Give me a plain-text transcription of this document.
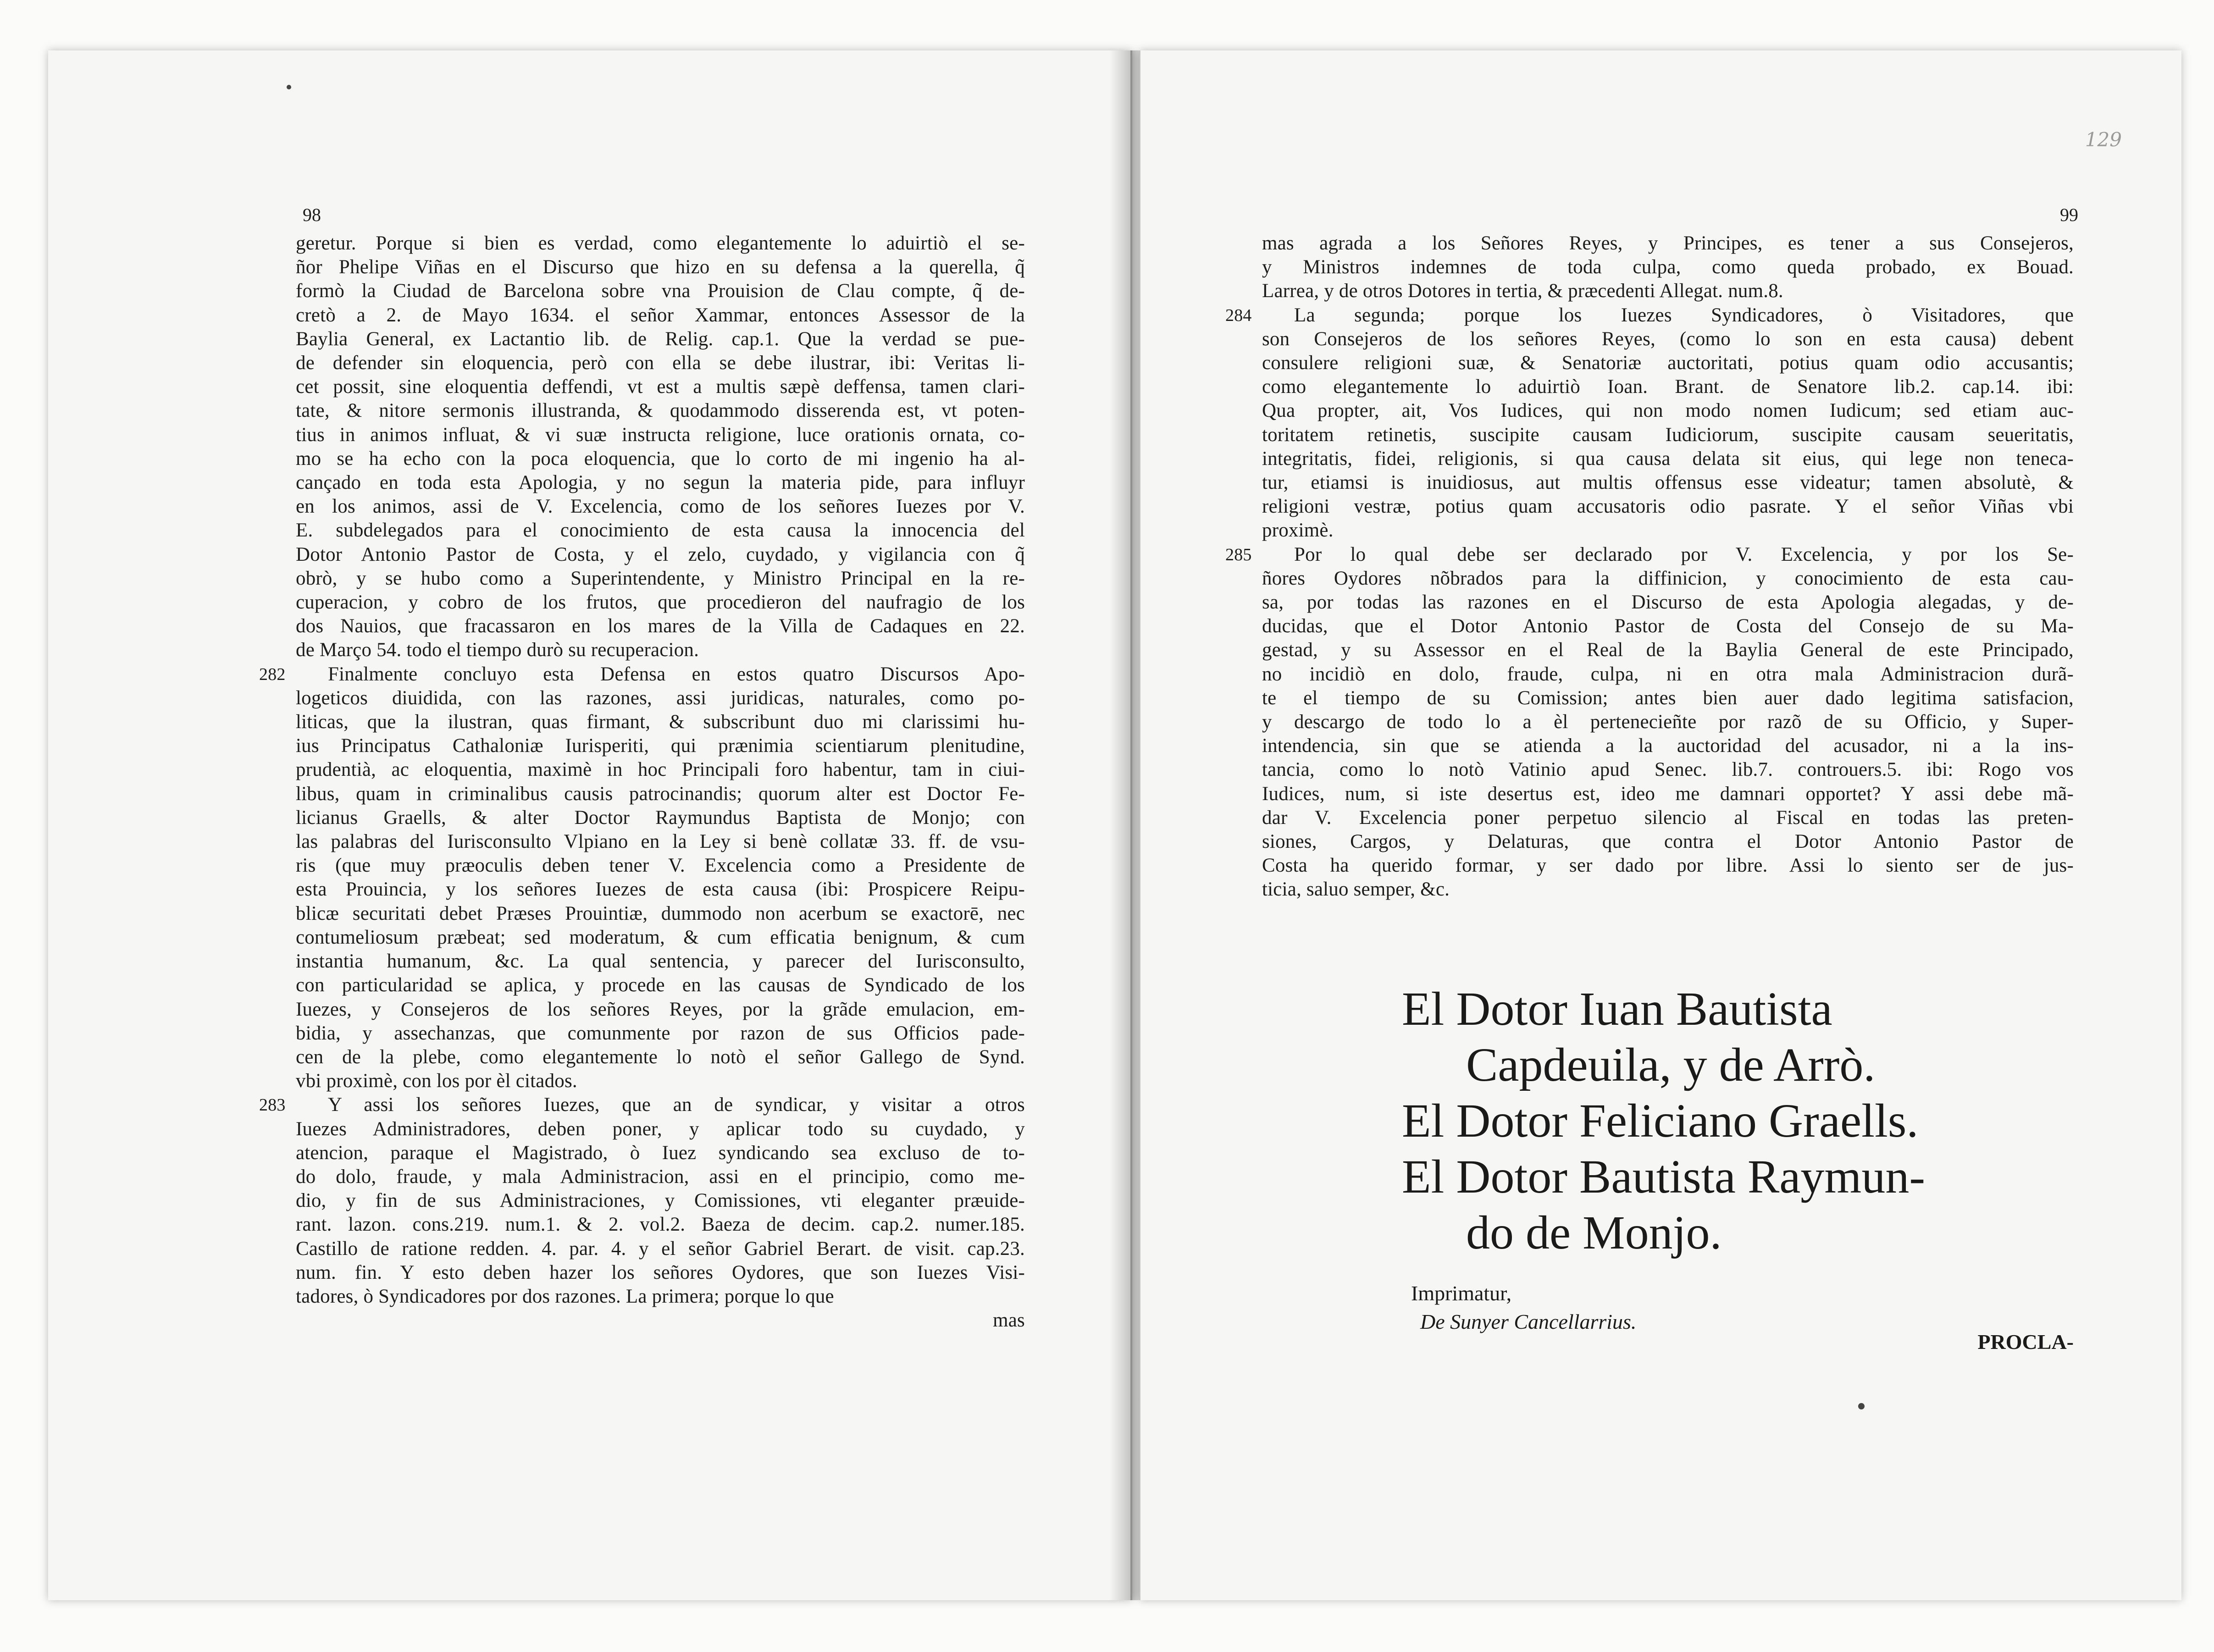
98
geretur. Porque si bien es verdad, como elegantemente lo aduirtiò el se-
ñor Phelipe Viñas en el Discurso que hizo en su defensa a la querella, q̃
formò la Ciudad de Barcelona sobre vna Prouision de Clau compte, q̃ de-
cretò a 2. de Mayo 1634. el señor Xammar, entonces Assessor de la
Baylia General, ex Lactantio lib. de Relig. cap.1. Que la verdad se pue-
de defender sin eloquencia, però con ella se debe ilustrar, ibi: Veritas li-
cet possit, sine eloquentia deffendi, vt est a multis sæpè deffensa, tamen clari-
tate, & nitore sermonis illustranda, & quodammodo disserenda est, vt poten-
tius in animos influat, & vi suæ instructa religione, luce orationis ornata, co-
mo se ha echo con la poca eloquencia, que lo corto de mi ingenio ha al-
cançado en toda esta Apologia, y no segun la materia pide, para influyr
en los animos, assi de V. Excelencia, como de los señores Iuezes por V.
E. subdelegados para el conocimiento de esta causa la innocencia del
Dotor Antonio Pastor de Costa, y el zelo, cuydado, y vigilancia con q̃
obrò, y se hubo como a Superintendente, y Ministro Principal en la re-
cuperacion, y cobro de los frutos, que procedieron del naufragio de los
dos Nauios, que fracassaron en los mares de la Villa de Cadaques en 22.
de Março 54. todo el tiempo durò su recuperacion.
282	Finalmente concluyo esta Defensa en estos quatro Discursos Apo-
logeticos diuidida, con las razones, assi juridicas, naturales, como po-
liticas, que la ilustran, quas firmant, & subscribunt duo mi clarissimi hu-
ius Principatus Cathaloniæ Iurisperiti, qui prænimia scientiarum plenitudine,
prudentià, ac eloquentia, maximè in hoc Principali foro habentur, tam in ciui-
libus, quam in criminalibus causis patrocinandis; quorum alter est Doctor Fe-
licianus Graells, & alter Doctor Raymundus Baptista de Monjo; con
las palabras del Iurisconsulto Vlpiano en la Ley si benè collatæ 33. ff. de vsu-
ris (que muy præoculis deben tener V. Excelencia como a Presidente de
esta Prouincia, y los señores Iuezes de esta causa (ibi: Prospicere Reipu-
blicæ securitati debet Præses Prouintiæ, dummodo non acerbum se exactorē, nec
contumeliosum præbeat; sed moderatum, & cum efficatia benignum, & cum
instantia humanum, &c. La qual sentencia, y parecer del Iurisconsulto,
con particularidad se aplica, y procede en las causas de Syndicado de los
Iuezes, y Consejeros de los señores Reyes, por la grãde emulacion, em-
bidia, y assechanzas, que comunmente por razon de sus Officios pade-
cen de la plebe, como elegantemente lo notò el señor Gallego de Synd.
vbi proximè, con los por èl citados.
283	Y assi los señores Iuezes, que an de syndicar, y visitar a otros
Iuezes Administradores, deben poner, y aplicar todo su cuydado, y
atencion, paraque el Magistrado, ò Iuez syndicando sea excluso de to-
do dolo, fraude, y mala Administracion, assi en el principio, como me-
dio, y fin de sus Administraciones, y Comissiones, vti eleganter præuide-
rant. lazon. cons.219. num.1. & 2. vol.2. Baeza de decim. cap.2. numer.185.
Castillo de ratione redden. 4. par. 4. y el señor Gabriel Berart. de visit. cap.23.
num. fin. Y esto deben hazer los señores Oydores, que son Iuezes Visi-
tadores, ò Syndicadores por dos razones. La primera; porque lo que
mas
129
99
mas agrada a los Señores Reyes, y Principes, es tener a sus Consejeros,
y Ministros indemnes de toda culpa, como queda probado, ex Bouad.
Larrea, y de otros Dotores in tertia, & præcedenti Allegat. num.8.
284	La segunda; porque los Iuezes Syndicadores, ò Visitadores, que
son Consejeros de los señores Reyes, (como lo son en esta causa) debent
consulere religioni suæ, & Senatoriæ auctoritati, potius quam odio accusantis;
como elegantemente lo aduirtiò Ioan. Brant. de Senatore lib.2. cap.14. ibi:
Qua propter, ait, Vos Iudices, qui non modo nomen Iudicum; sed etiam auc-
toritatem retinetis, suscipite causam Iudiciorum, suscipite causam seueritatis,
integritatis, fidei, religionis, si qua causa delata sit eius, qui lege non teneca-
tur, etiamsi is inuidiosus, aut multis offensus esse videatur; tamen absolutè, &
religioni vestræ, potius quam accusatoris odio pasrate. Y el señor Viñas vbi
proximè.
285	Por lo qual debe ser declarado por V. Excelencia, y por los Se-
ñores Oydores nõbrados para la diffinicion, y conocimiento de esta cau-
sa, por todas las razones en el Discurso de esta Apologia alegadas, y de-
ducidas, que el Dotor Antonio Pastor de Costa del Consejo de su Ma-
gestad, y su Assessor en el Real de la Baylia General de este Principado,
no incidiò en dolo, fraude, culpa, ni en otra mala Administracion durã-
te el tiempo de su Comission; antes bien auer dado legitima satisfacion,
y descargo de todo lo a èl pertenecieñte por razõ de su Officio, y Super-
intendencia, sin que se atienda a la auctoridad del acusador, ni a la ins-
tancia, como lo notò Vatinio apud Senec. lib.7. controuers.5. ibi: Rogo vos
Iudices, num, si iste desertus est, ideo me damnari opportet? Y assi debe mã-
dar V. Excelencia poner perpetuo silencio al Fiscal en todas las preten-
siones, Cargos, y Delaturas, que contra el Dotor Antonio Pastor de
Costa ha querido formar, y ser dado por libre. Assi lo siento ser de jus-
ticia, saluo semper, &c.
El Dotor Iuan Bautista
Capdeuila, y de Arrò.
El Dotor Feliciano Graells.
El Dotor Bautista Raymun-
do de Monjo.
Imprimatur,
De Sunyer Cancellarrius.
PROCLA-
